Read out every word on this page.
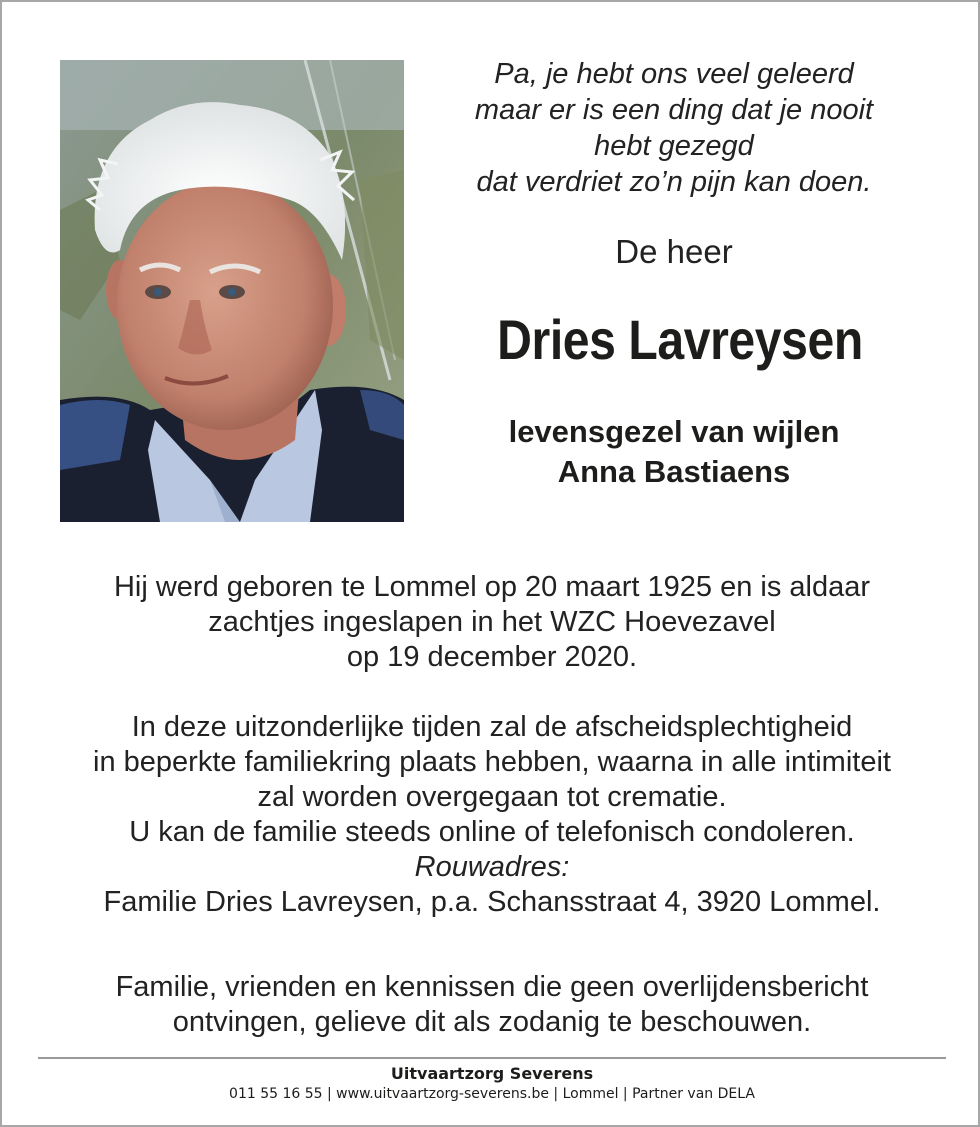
Pa, je hebt ons veel geleerd
maar er is een ding dat je nooit
hebt gezegd
dat verdriet zo’n pijn kan doen.
De heer
Dries Lavreysen
levensgezel van wijlen
Anna Bastiaens
Hij werd geboren te Lommel op 20 maart 1925 en is aldaar
zachtjes ingeslapen in het WZC Hoevezavel
op 19 december 2020.
In deze uitzonderlijke tijden zal de afscheidsplechtigheid
in beperkte familiekring plaats hebben, waarna in alle intimiteit
zal worden overgegaan tot crematie.
U kan de familie steeds online of telefonisch condoleren.
Rouwadres:
Familie Dries Lavreysen, p.a. Schansstraat 4, 3920 Lommel.
Familie, vrienden en kennissen die geen overlijdensbericht
ontvingen, gelieve dit als zodanig te beschouwen.
Uitvaartzorg Severens
011 55 16 55 | www.uitvaartzorg-severens.be | Lommel | Partner van DELA
